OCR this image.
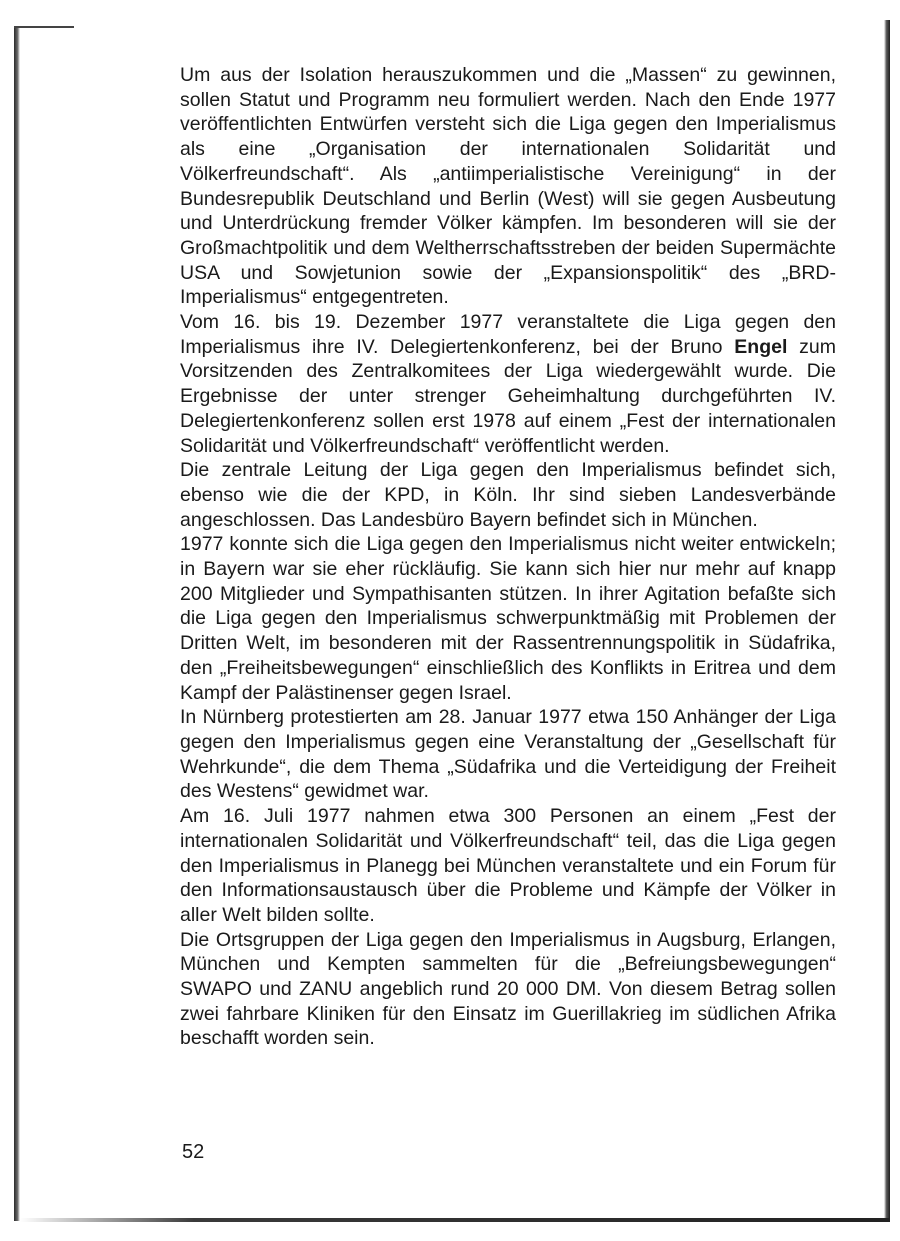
Um aus der Isolation herauszukommen und die „Massen“ zu gewinnen, sollen Statut und Programm neu formuliert werden. Nach den Ende 1977 veröffentlichten Entwürfen versteht sich die Liga gegen den Imperialismus als eine „Organisation der internationalen Solidarität und Völkerfreundschaft“. Als „antiimperialistische Vereinigung“ in der Bundesrepublik Deutschland und Berlin (West) will sie gegen Ausbeutung und Unterdrückung fremder Völker kämpfen. Im besonderen will sie der Großmachtpolitik und dem Weltherrschaftsstreben der beiden Supermächte USA und Sowjetunion sowie der „Expansionspolitik“ des „BRD-Imperialismus“ entgegentreten.

Vom 16. bis 19. Dezember 1977 veranstaltete die Liga gegen den Imperialismus ihre IV. Delegiertenkonferenz, bei der Bruno Engel zum Vorsitzenden des Zentralkomitees der Liga wiedergewählt wurde. Die Ergebnisse der unter strenger Geheimhaltung durchgeführten IV. Delegiertenkonferenz sollen erst 1978 auf einem „Fest der internationalen Solidarität und Völkerfreundschaft“ veröffentlicht werden.

Die zentrale Leitung der Liga gegen den Imperialismus befindet sich, ebenso wie die der KPD, in Köln. Ihr sind sieben Landesverbände angeschlossen. Das Landesbüro Bayern befindet sich in München.

1977 konnte sich die Liga gegen den Imperialismus nicht weiter entwickeln; in Bayern war sie eher rückläufig. Sie kann sich hier nur mehr auf knapp 200 Mitglieder und Sympathisanten stützen. In ihrer Agitation befaßte sich die Liga gegen den Imperialismus schwerpunktmäßig mit Problemen der Dritten Welt, im besonderen mit der Rassentrennungspolitik in Südafrika, den „Freiheitsbewegungen“ einschließlich des Konflikts in Eritrea und dem Kampf der Palästinenser gegen Israel.

In Nürnberg protestierten am 28. Januar 1977 etwa 150 Anhänger der Liga gegen den Imperialismus gegen eine Veranstaltung der „Gesellschaft für Wehrkunde“, die dem Thema „Südafrika und die Verteidigung der Freiheit des Westens“ gewidmet war.

Am 16. Juli 1977 nahmen etwa 300 Personen an einem „Fest der internationalen Solidarität und Völkerfreundschaft“ teil, das die Liga gegen den Imperialismus in Planegg bei München veranstaltete und ein Forum für den Informationsaustausch über die Probleme und Kämpfe der Völker in aller Welt bilden sollte.

Die Ortsgruppen der Liga gegen den Imperialismus in Augsburg, Erlangen, München und Kempten sammelten für die „Befreiungsbewegungen“ SWAPO und ZANU angeblich rund 20 000 DM. Von diesem Betrag sollen zwei fahrbare Kliniken für den Einsatz im Guerillakrieg im südlichen Afrika beschafft worden sein.

52
